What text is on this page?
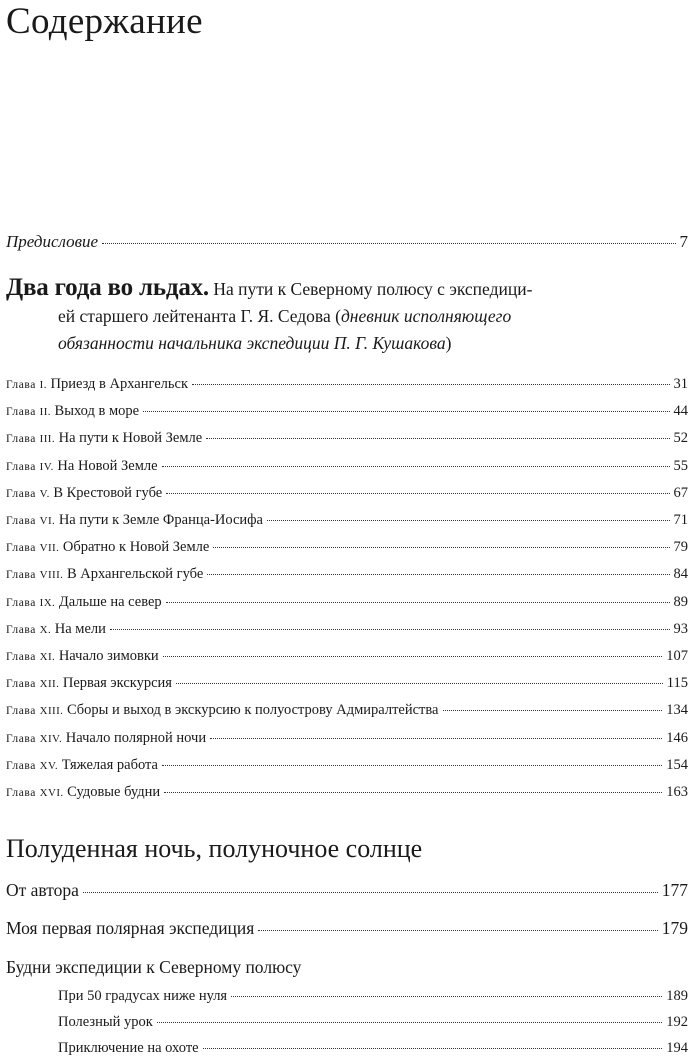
Содержание
Предисловие	7
Два года во льдах. На пути к Северному полюсу с экспедици-
ей старшего лейтенанта Г. Я. Седова (дневник исполняющего
обязанности начальника экспедиции П. Г. Кушакова)
Глава I. Приезд в Архангельск	31
Глава II. Выход в море	44
Глава III. На пути к Новой Земле	52
Глава IV. На Новой Земле	55
Глава V. В Крестовой губе	67
Глава VI. На пути к Земле Франца-Иосифа	71
Глава VII. Обратно к Новой Земле	79
Глава VIII. В Архангельской губе	84
Глава IX. Дальше на север	89
Глава X. На мели	93
Глава XI. Начало зимовки	107
Глава XII. Первая экскурсия	115
Глава XIII. Сборы и выход в экскурсию к полуострову Адмиралтейства	134
Глава XIV. Начало полярной ночи	146
Глава XV. Тяжелая работа	154
Глава XVI. Судовые будни	163
Полуденная ночь, полуночное солнце
От автора	177
Моя первая полярная экспедиция	179
Будни экспедиции к Северному полюсу
При 50 градусах ниже нуля	189
Полезный урок	192
Приключение на охоте	194
